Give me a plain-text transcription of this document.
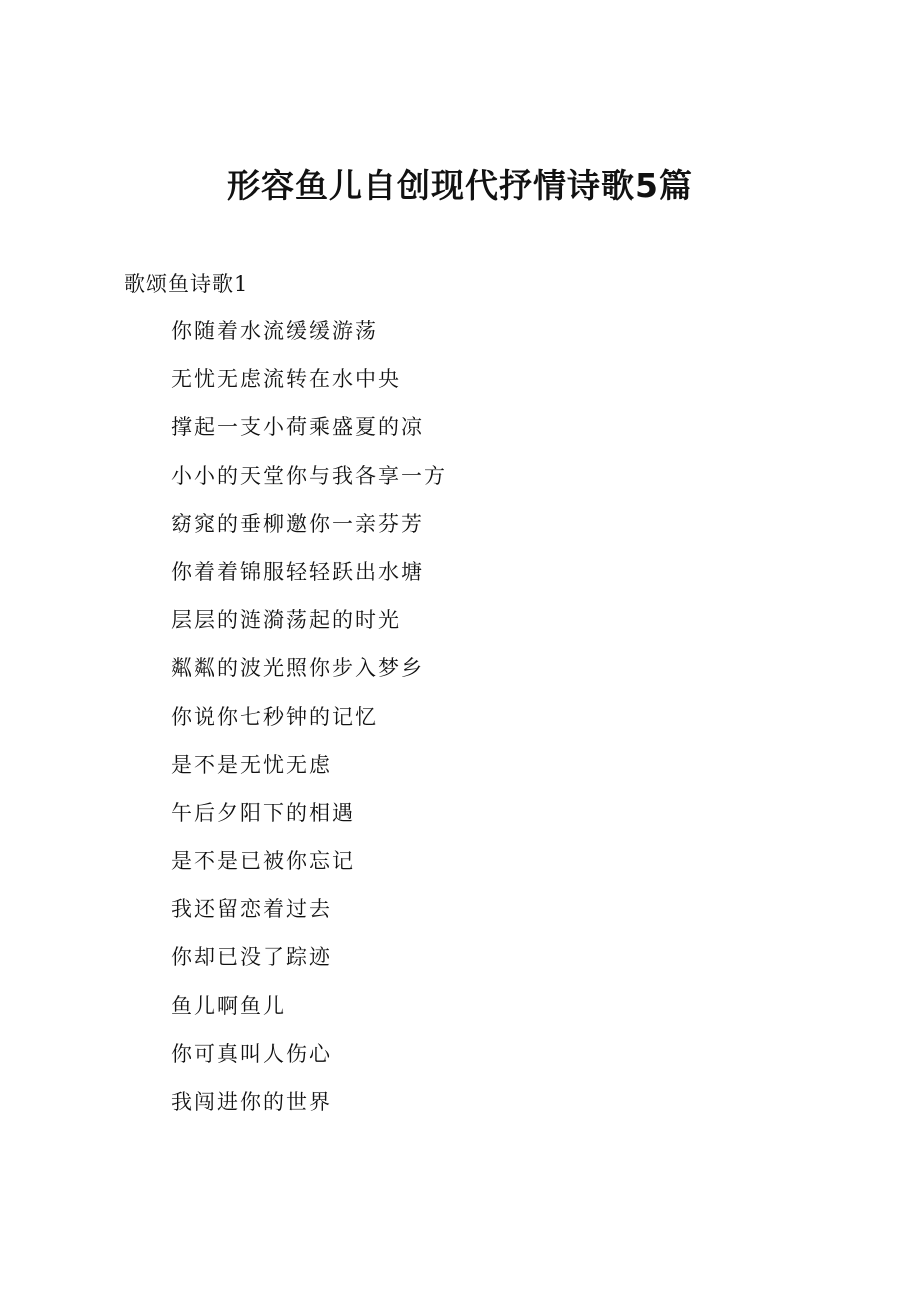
形容鱼儿自创现代抒情诗歌5篇
歌颂鱼诗歌1
你随着水流缓缓游荡
无忧无虑流转在水中央
撑起一支小荷乘盛夏的凉
小小的天堂你与我各享一方
窈窕的垂柳邀你一亲芬芳
你着着锦服轻轻跃出水塘
层层的涟漪荡起的时光
粼粼的波光照你步入梦乡
你说你七秒钟的记忆
是不是无忧无虑
午后夕阳下的相遇
是不是已被你忘记
我还留恋着过去
你却已没了踪迹
鱼儿啊鱼儿
你可真叫人伤心
我闯进你的世界
